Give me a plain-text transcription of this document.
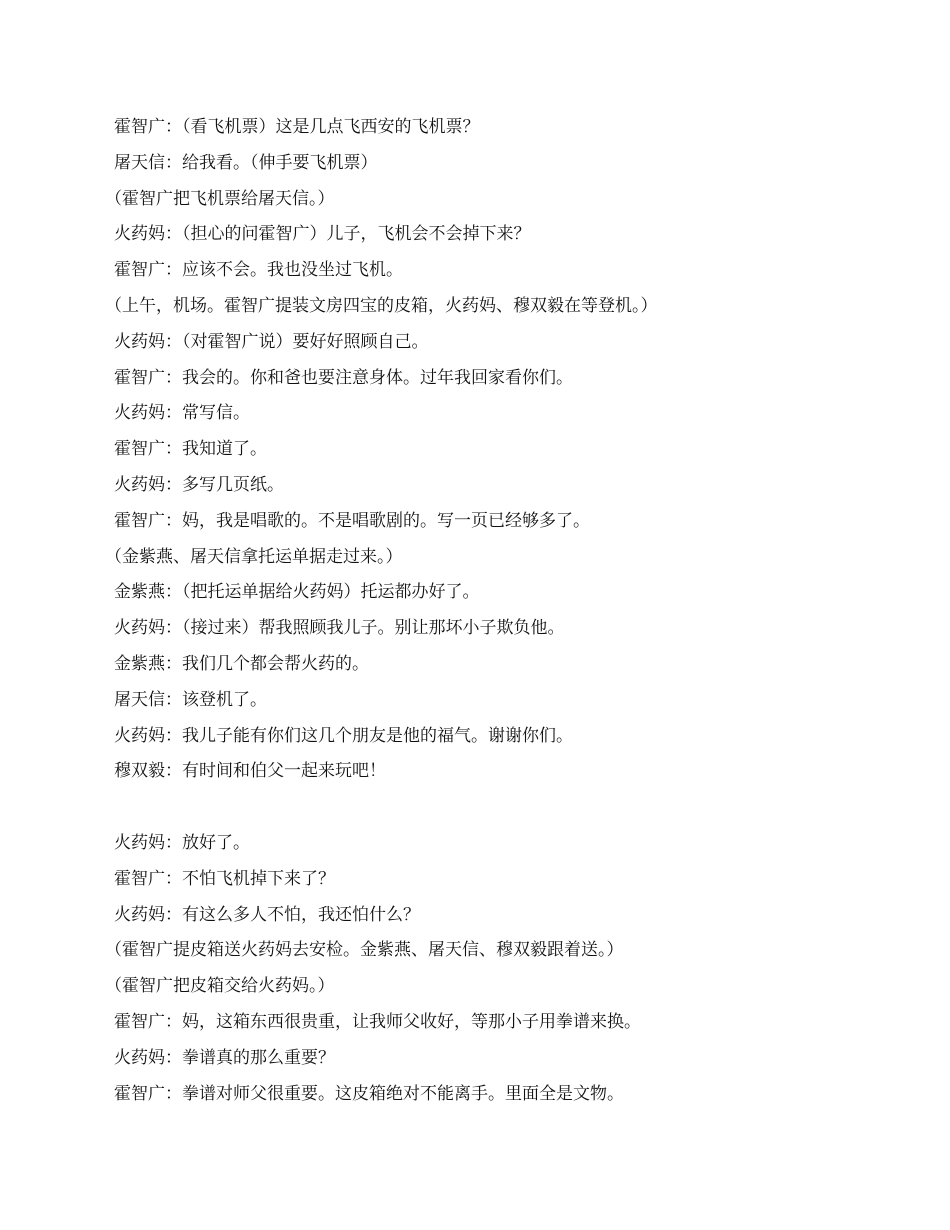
霍智广：（看飞机票）这是几点飞西安的飞机票？
屠天信：给我看。（伸手要飞机票）
（霍智广把飞机票给屠天信。）
火药妈：（担心的问霍智广）儿子，飞机会不会掉下来？
霍智广：应该不会。我也没坐过飞机。
（上午，机场。霍智广提装文房四宝的皮箱，火药妈、穆双毅在等登机。）
火药妈：（对霍智广说）要好好照顾自己。
霍智广：我会的。你和爸也要注意身体。过年我回家看你们。
火药妈：常写信。
霍智广：我知道了。
火药妈：多写几页纸。
霍智广：妈，我是唱歌的。不是唱歌剧的。写一页已经够多了。
（金紫燕、屠天信拿托运单据走过来。）
金紫燕：（把托运单据给火药妈）托运都办好了。
火药妈：（接过来）帮我照顾我儿子。别让那坏小子欺负他。
金紫燕：我们几个都会帮火药的。
屠天信：该登机了。
火药妈：我儿子能有你们这几个朋友是他的福气。谢谢你们。
穆双毅：有时间和伯父一起来玩吧！
火药妈：放好了。
霍智广：不怕飞机掉下来了？
火药妈：有这么多人不怕，我还怕什么？
（霍智广提皮箱送火药妈去安检。金紫燕、屠天信、穆双毅跟着送。）
（霍智广把皮箱交给火药妈。）
霍智广：妈，这箱东西很贵重，让我师父收好，等那小子用拳谱来换。
火药妈：拳谱真的那么重要？
霍智广：拳谱对师父很重要。这皮箱绝对不能离手。里面全是文物。
